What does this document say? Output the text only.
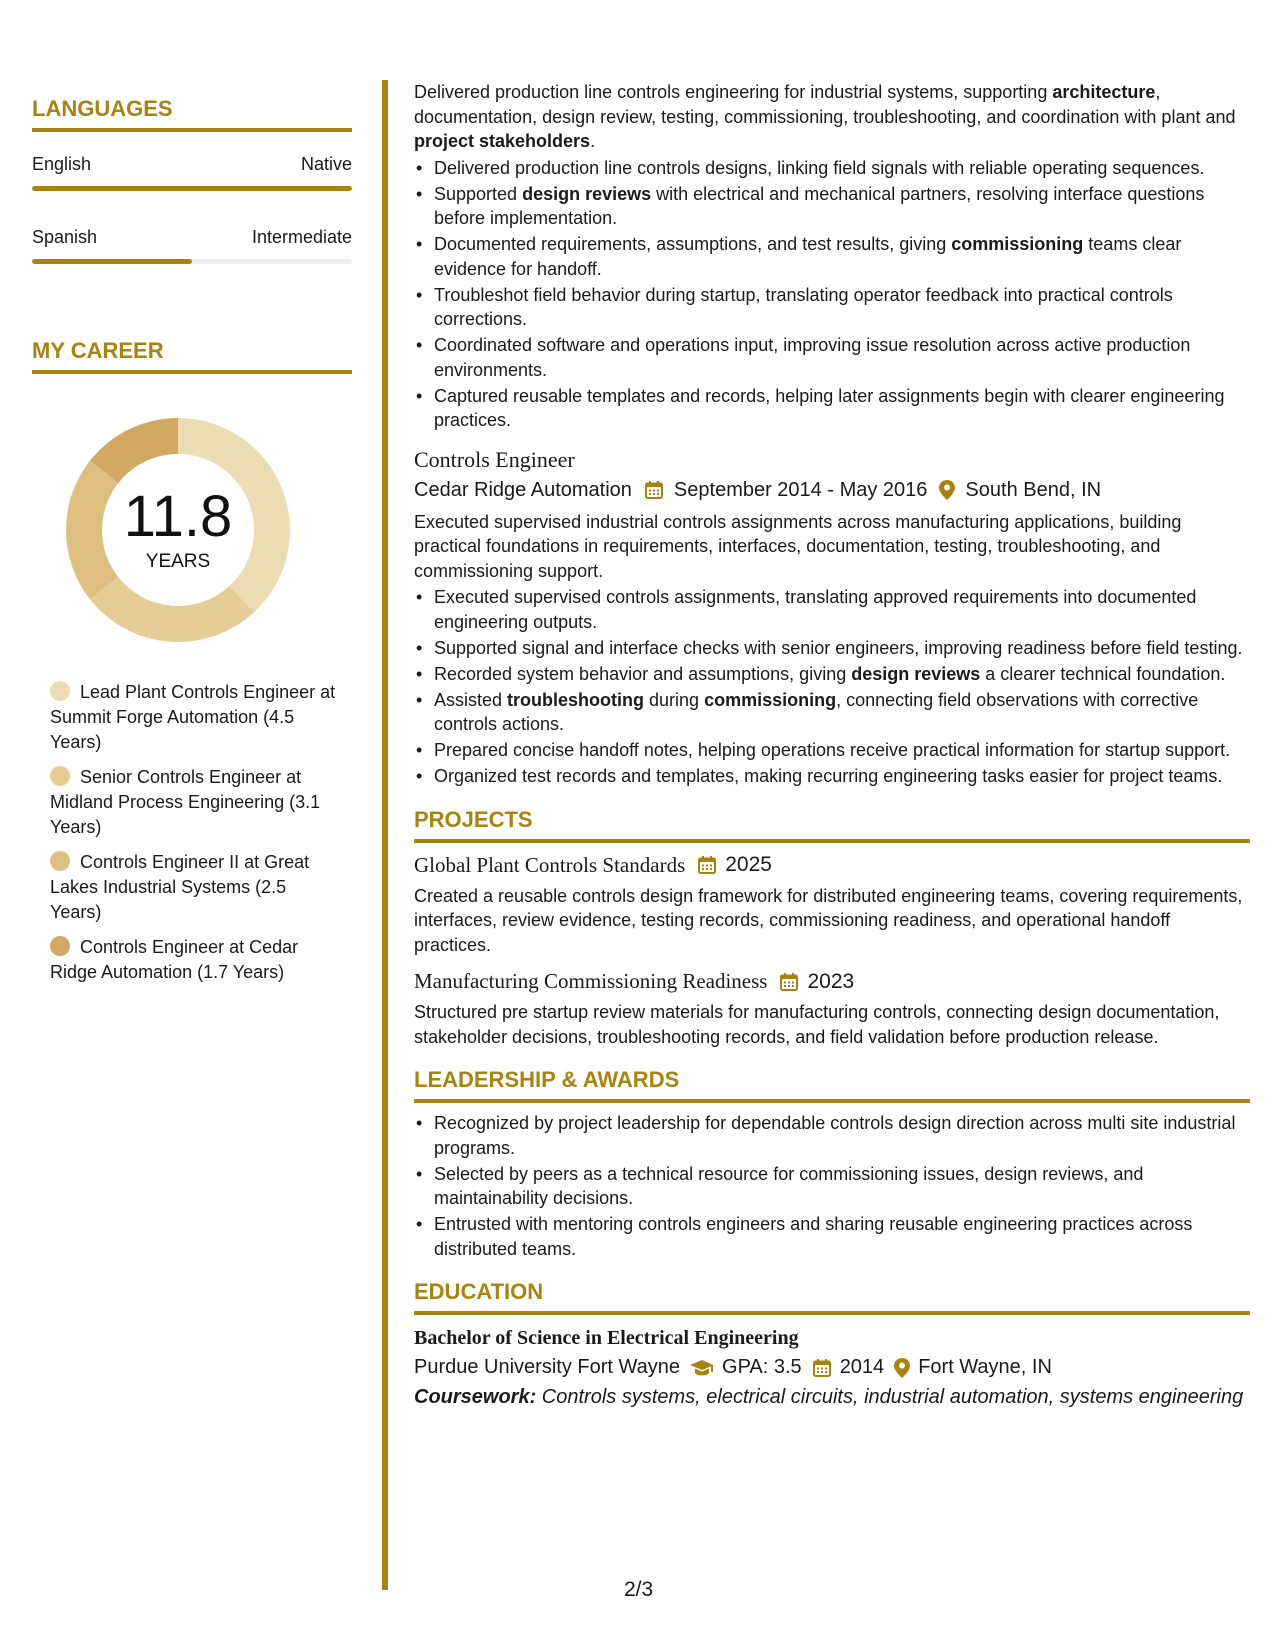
LANGUAGES
English	Native
Spanish	Intermediate
MY CAREER
11.8
YEARS
Lead Plant Controls Engineer at Summit Forge Automation (4.5 Years)
Senior Controls Engineer at Midland Process Engineering (3.1 Years)
Controls Engineer II at Great Lakes Industrial Systems (2.5 Years)
Controls Engineer at Cedar Ridge Automation (1.7 Years)

Delivered production line controls engineering for industrial systems, supporting architecture, documentation, design review, testing, commissioning, troubleshooting, and coordination with plant and project stakeholders.

• Delivered production line controls designs, linking field signals with reliable operating sequences.
• Supported design reviews with electrical and mechanical partners, resolving interface questions before implementation.
• Documented requirements, assumptions, and test results, giving commissioning teams clear evidence for handoff.
• Troubleshot field behavior during startup, translating operator feedback into practical controls corrections.
• Coordinated software and operations input, improving issue resolution across active production environments.
• Captured reusable templates and records, helping later assignments begin with clearer engineering practices.
Controls Engineer
Cedar Ridge Automation September 2014 - May 2016 South Bend, IN

Executed supervised industrial controls assignments across manufacturing applications, building practical foundations in requirements, interfaces, documentation, testing, troubleshooting, and commissioning support.

• Executed supervised controls assignments, translating approved requirements into documented engineering outputs.
• Supported signal and interface checks with senior engineers, improving readiness before field testing.
• Recorded system behavior and assumptions, giving design reviews a clearer technical foundation.
• Assisted troubleshooting during commissioning, connecting field observations with corrective controls actions.
• Prepared concise handoff notes, helping operations receive practical information for startup support.
• Organized test records and templates, making recurring engineering tasks easier for project teams.
PROJECTS
Global Plant Controls Standards 2025

Created a reusable controls design framework for distributed engineering teams, covering requirements, interfaces, review evidence, testing records, commissioning readiness, and operational handoff practices.

Manufacturing Commissioning Readiness 2023

Structured pre startup review materials for manufacturing controls, connecting design documentation, stakeholder decisions, troubleshooting records, and field validation before production release.

LEADERSHIP & AWARDS
• Recognized by project leadership for dependable controls design direction across multi site industrial programs.
• Selected by peers as a technical resource for commissioning issues, design reviews, and maintainability decisions.
• Entrusted with mentoring controls engineers and sharing reusable engineering practices across distributed teams.
EDUCATION
Bachelor of Science in Electrical Engineering
Purdue University Fort Wayne GPA: 3.5 2014 Fort Wayne, IN

Coursework: Controls systems, electrical circuits, industrial automation, systems engineering

2/3
